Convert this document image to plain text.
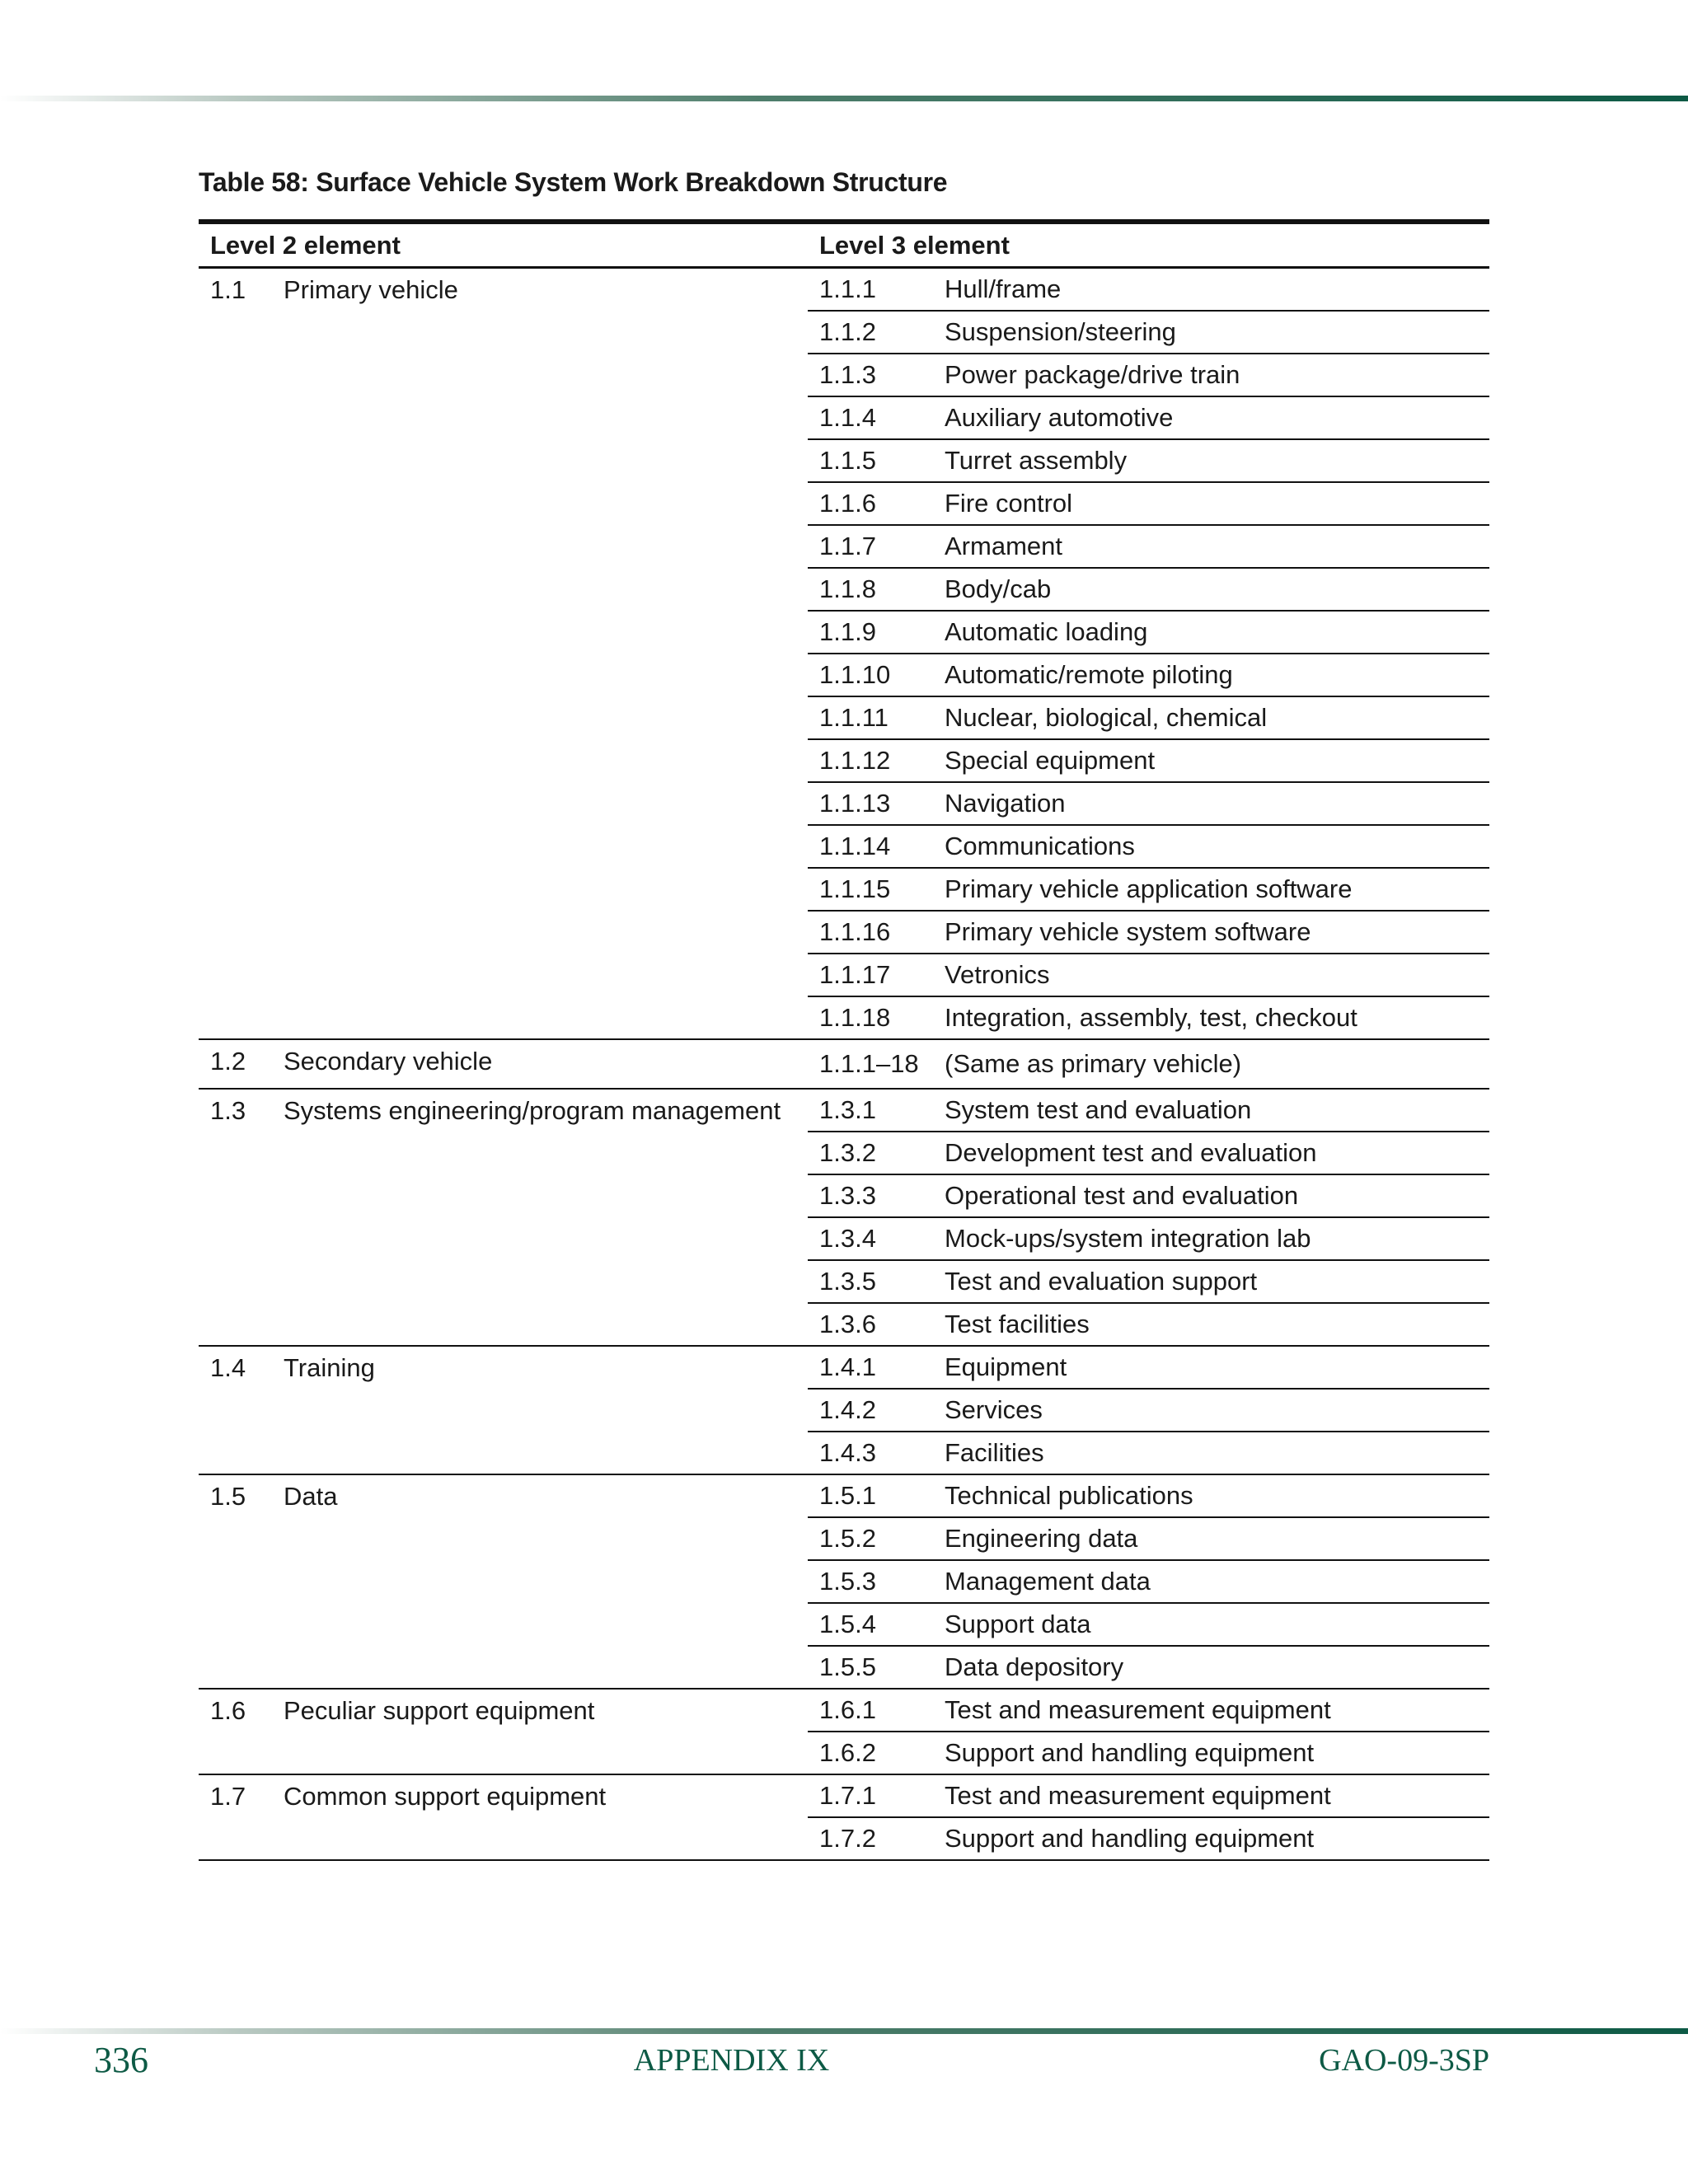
Table 58: Surface Vehicle System Work Breakdown Structure
Level 2 element		Level 3 element	
1.1	Primary vehicle	1.1.1	Hull/frame
		1.1.2	Suspension/steering
		1.1.3	Power package/drive train
		1.1.4	Auxiliary automotive
		1.1.5	Turret assembly
		1.1.6	Fire control
		1.1.7	Armament
		1.1.8	Body/cab
		1.1.9	Automatic loading
		1.1.10	Automatic/remote piloting
		1.1.11	Nuclear, biological, chemical
		1.1.12	Special equipment
		1.1.13	Navigation
		1.1.14	Communications
		1.1.15	Primary vehicle application software
		1.1.16	Primary vehicle system software
		1.1.17	Vetronics
		1.1.18	Integration, assembly, test, checkout
1.2	Secondary vehicle	1.1.1–18	(Same as primary vehicle)
1.3	Systems engineering/program management	1.3.1	System test and evaluation
		1.3.2	Development test and evaluation
		1.3.3	Operational test and evaluation
		1.3.4	Mock-ups/system integration lab
		1.3.5	Test and evaluation support
		1.3.6	Test facilities
1.4	Training	1.4.1	Equipment
		1.4.2	Services
		1.4.3	Facilities
1.5	Data	1.5.1	Technical publications
		1.5.2	Engineering data
		1.5.3	Management data
		1.5.4	Support data
		1.5.5	Data depository
1.6	Peculiar support equipment	1.6.1	Test and measurement equipment
		1.6.2	Support and handling equipment
1.7	Common support equipment	1.7.1	Test and measurement equipment
		1.7.2	Support and handling equipment
336	APPENDIX IX	GAO-09-3SP
